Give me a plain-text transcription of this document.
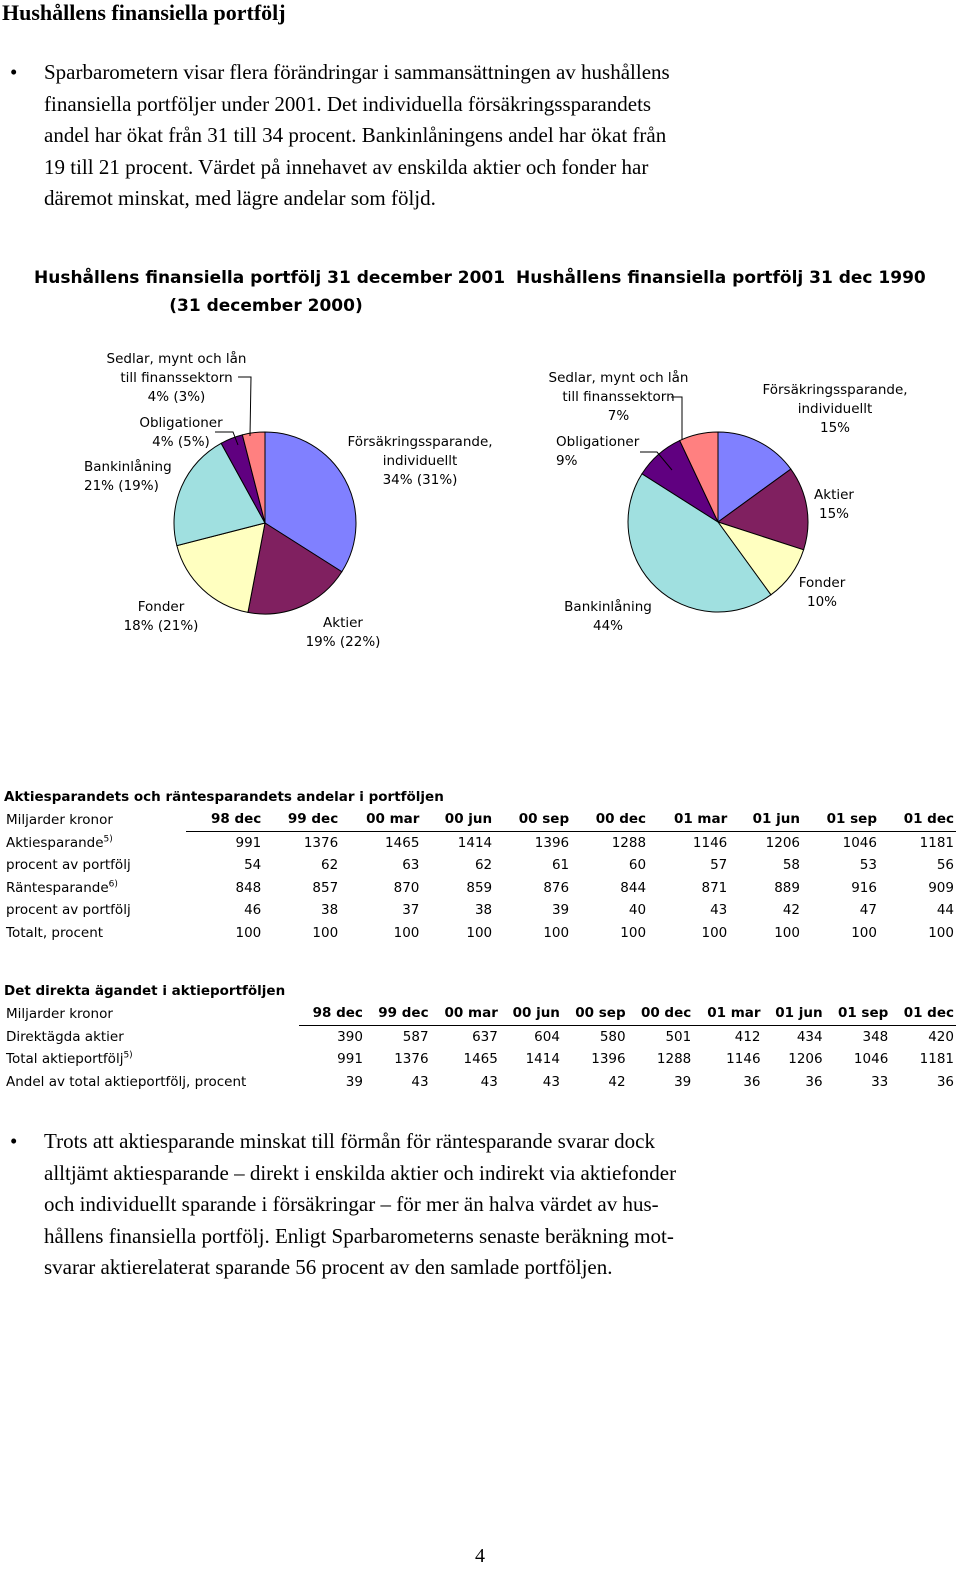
Hushållens finansiella portfölj
•	Sparbarometern visar flera förändringar i sammansättningen av hushållens
finansiella portföljer under 2001. Det individuella försäkringssparandets
andel har ökat från 31 till 34 procent. Bankinlåningens andel har ökat från
19 till 21 procent. Värdet på innehavet av enskilda aktier och fonder har
däremot minskat, med lägre andelar som följd.
Hushållens finansiella portfölj 31 december 2001
(31 december 2000)
Hushållens finansiella portfölj 31 dec 1990
Sedlar, mynt och lån
till finanssektorn
4% (3%)
Obligationer
4% (5%)
Bankinlåning
21% (19%)
Försäkringssparande,
individuellt
34% (31%)
Fonder
18% (21%)	Aktier
19% (22%)
Sedlar, mynt och lån
till finanssektorn
7%
Obligationer
9%
Försäkringssparande,
individuellt
15%
Aktier
15%
Fonder
10%
Bankinlåning
44%
Aktiesparandets och räntesparandets andelar i portföljen
Miljarder kronor	98 dec	99 dec	00 mar	00 jun	00 sep	00 dec	01 mar	01 jun	01 sep	01 dec
Aktiesparande$^{5)}$	991	1376	1465	1414	1396	1288	1146	1206	1046	1181
procent av portfölj	54	62	63	62	61	60	57	58	53	56
Räntesparande$^{6)}$	848	857	870	859	876	844	871	889	916	909
procent av portfölj	46	38	37	38	39	40	43	42	47	44
Totalt, procent	100	100	100	100	100	100	100	100	100	100
Det direkta ägandet i aktieportföljen
Miljarder kronor	98 dec	99 dec	00 mar	00 jun	00 sep	00 dec	01 mar	01 jun	01 sep	01 dec
Direktägda aktier	390	587	637	604	580	501	412	434	348	420
Total aktieportfölj$^{5)}$	991	1376	1465	1414	1396	1288	1146	1206	1046	1181
Andel av total aktieportfölj, procent	39	43	43	43	42	39	36	36	33	36
•	Trots att aktiesparande minskat till förmån för räntesparande svarar dock
alltjämt aktiesparande – direkt i enskilda aktier och indirekt via aktiefonder
och individuellt sparande i försäkringar – för mer än halva värdet av hus-
hållens finansiella portfölj. Enligt Sparbarometerns senaste beräkning mot-
svarar aktierelaterat sparande 56 procent av den samlade portföljen.
4
